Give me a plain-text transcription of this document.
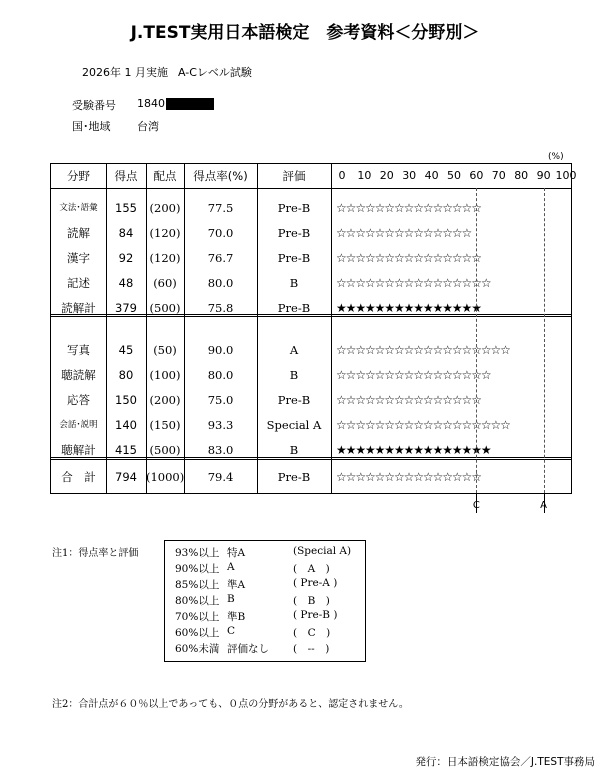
J.TEST実用日本語検定　参考資料＜分野別＞
2026年 1 月実施 A-Cレベル試験
受験番号 1840
国･地域 台湾
(%)
分野	得点	配点	得点率(%)	評価	0 10 20 30 40 50 60 70 80 90 100
文法･語彙	155	(200)	77.5	Pre-B	☆☆☆☆☆☆☆☆☆☆☆☆☆☆☆
読解	84	(120)	70.0	Pre-B	☆☆☆☆☆☆☆☆☆☆☆☆☆☆
漢字	92	(120)	76.7	Pre-B	☆☆☆☆☆☆☆☆☆☆☆☆☆☆☆
記述	48	(60)	80.0	B	☆☆☆☆☆☆☆☆☆☆☆☆☆☆☆☆
読解計	379	(500)	75.8	Pre-B	★★★★★★★★★★★★★★★
写真	45	(50)	90.0	A	☆☆☆☆☆☆☆☆☆☆☆☆☆☆☆☆☆☆
聴読解	80	(100)	80.0	B	☆☆☆☆☆☆☆☆☆☆☆☆☆☆☆☆
応答	150	(200)	75.0	Pre-B	☆☆☆☆☆☆☆☆☆☆☆☆☆☆☆
会話･説明	140	(150)	93.3	Special A	☆☆☆☆☆☆☆☆☆☆☆☆☆☆☆☆☆☆
聴解計	415	(500)	83.0	B	★★★★★★★★★★★★★★★★
合　計	794 (1000)	79.4	Pre-B	☆☆☆☆☆☆☆☆☆☆☆☆☆☆☆
C	A
注1：得点率と評価	93%以上 特A	(Special A)
90%以上 A	(　A　)
85%以上 準A	( Pre-A )
80%以上 B	(　B　)
70%以上 準B	( Pre-B )
60%以上 C	(　C　)
60%未満 評価なし (　--　)
注2：合計点が６０％以上であっても、０点の分野があると、認定されません。
発行：日本語検定協会／J.TEST事務局
